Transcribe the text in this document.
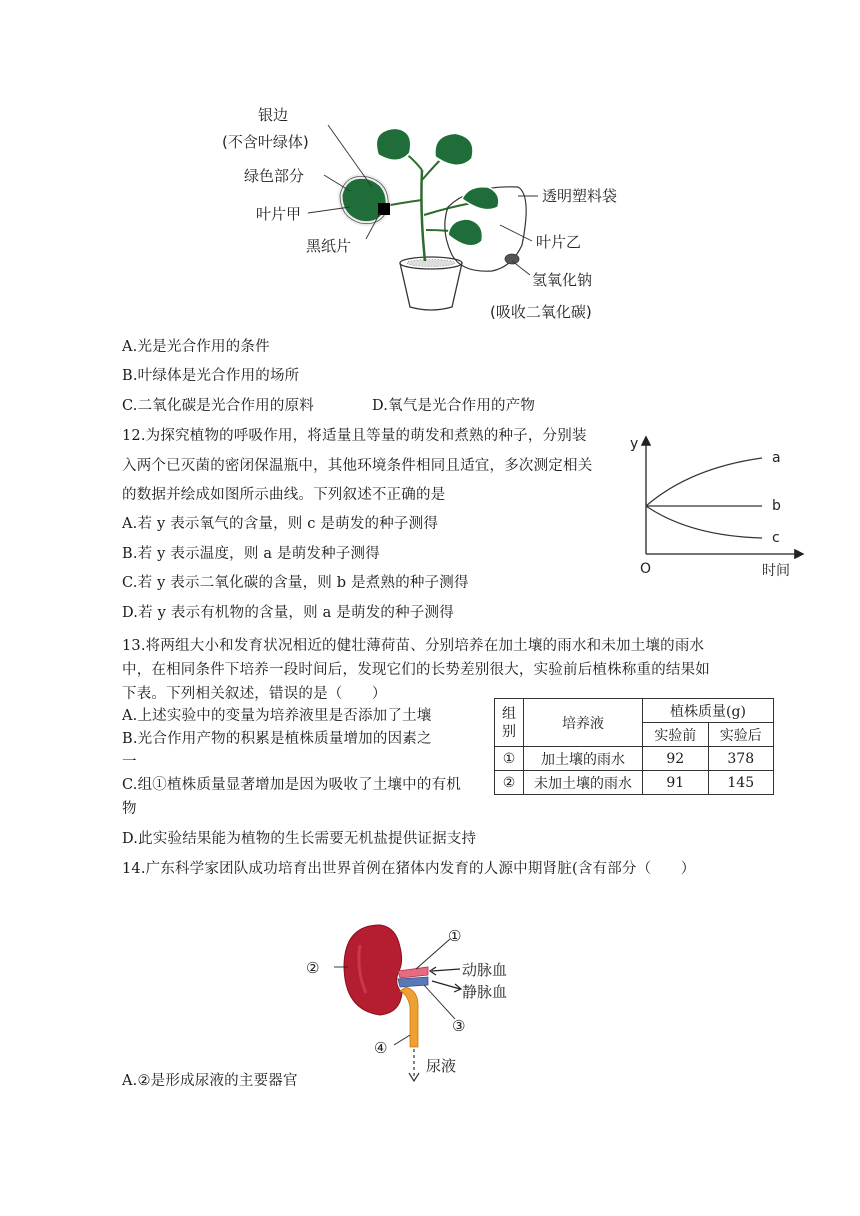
银边
(不含叶绿体)
绿色部分
叶片甲
黑纸片
透明塑料袋
叶片乙
氢氧化钠
(吸收二氧化碳)
A.光是光合作用的条件
B.叶绿体是光合作用的场所
C.二氧化碳是光合作用的原料	D.氧气是光合作用的产物
12.为探究植物的呼吸作用，将适量且等量的萌发和煮熟的种子，分别装
入两个已灭菌的密闭保温瓶中，其他环境条件相同且适宜，多次测定相关
的数据并绘成如图所示曲线。下列叙述不正确的是
A.若 y 表示氧气的含量，则 c 是萌发的种子测得
B.若 y 表示温度，则 a 是萌发种子测得
C.若 y 表示二氧化碳的含量，则 b 是煮熟的种子测得
D.若 y 表示有机物的含量，则 a 是萌发的种子测得
y
O	时间
a
b
c
13.将两组大小和发育状况相近的健壮薄荷苗、分别培养在加土壤的雨水和未加土壤的雨水
中，在相同条件下培养一段时间后，发现它们的长势差别很大，实验前后植株称重的结果如
下表。下列相关叙述，错误的是（　　）
A.上述实验中的变量为培养液里是否添加了土壤
B.光合作用产物的积累是植株质量增加的因素之
一
C.组①植株质量显著增加是因为吸收了土壤中的有机
物
D.此实验结果能为植物的生长需要无机盐提供证据支持
组
别	培养液	植株质量(g)	
		实验前	实验后
①	加土壤的雨水	92	378
②	未加土壤的雨水	91	145
14.广东科学家团队成功培育出世界首例在猪体内发育的人源中期肾脏(含有部分（　　）
①
②
③
④
动脉血
静脉血
尿液
A.②是形成尿液的主要器官
